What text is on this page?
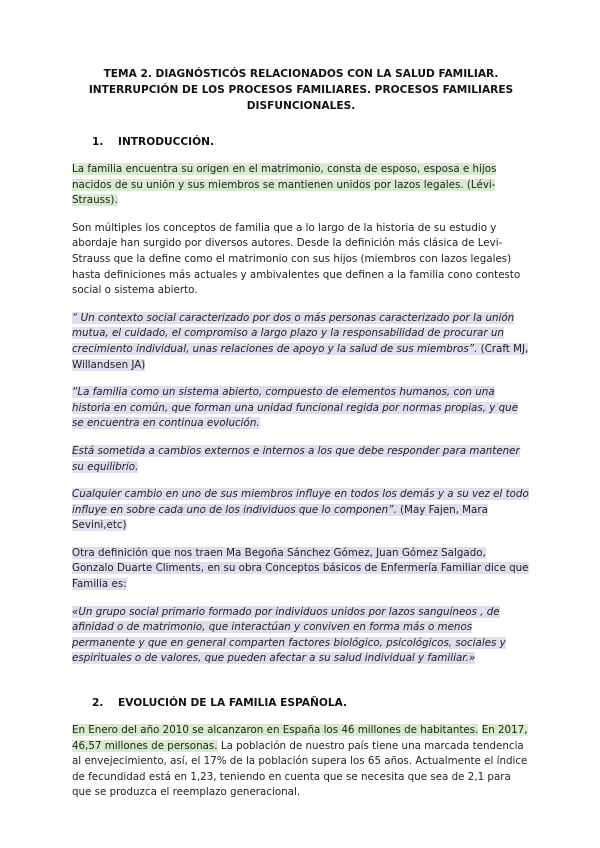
TEMA 2. DIAGNÓSTICÓS RELACIONADOS CON LA SALUD FAMILIAR. INTERRUPCIÓN DE LOS PROCESOS FAMILIARES. PROCESOS FAMILIARES DISFUNCIONALES.
1. INTRODUCCIÓN.

La familia encuentra su origen en el matrimonio, consta de esposo, esposa e hijos nacidos de su unión y sus miembros se mantienen unidos por lazos legales. (Lévi-Strauss).

Son múltiples los conceptos de familia que a lo largo de la historia de su estudio y abordaje han surgido por diversos autores. Desde la definición más clásica de Levi-Strauss que la define como el matrimonio con sus hijos (miembros con lazos legales) hasta definiciones más actuales y ambivalentes que definen a la familia cono contesto social o sistema abierto.

“ Un contexto social caracterizado por dos o más personas caracterizado por la unión mutua, el cuidado, el compromiso a largo plazo y la responsabilidad de procurar un crecimiento individual, unas relaciones de apoyo y la salud de sus miembros”. (Craft MJ, Willandsen JA)

“La familia como un sistema abierto, compuesto de elementos humanos, con una historia en común, que forman una unidad funcional regida por normas propias, y que se encuentra en continua evolución.

Está sometida a cambios externos e internos a los que debe responder para mantener su equilibrio.

Cualquier cambio en uno de sus miembros influye en todos los demás y a su vez el todo influye en sobre cada uno de los individuos que lo componen”. (May Fajen, Mara Sevini,etc)

Otra definición que nos traen Ma Begoña Sánchez Gómez, Juan Gómez Salgado, Gonzalo Duarte Climents, en su obra Conceptos básicos de Enfermería Familiar dice que Familia es:

«Un grupo social primario formado por individuos unidos por lazos sanguíneos , de afinidad o de matrimonio, que interactúan y conviven en forma más o menos permanente y que en general comparten factores biológico, psicológicos, sociales y espirituales o de valores, que pueden afectar a su salud individual y familiar.»

2. EVOLUCIÓN DE LA FAMILIA ESPAÑOLA.

En Enero del año 2010 se alcanzaron en España los 46 millones de habitantes. En 2017, 46,57 millones de personas. La población de nuestro país tiene una marcada tendencia al envejecimiento, así, el 17% de la población supera los 65 años. Actualmente el índice de fecundidad está en 1,23, teniendo en cuenta que se necesita que sea de 2,1 para que se produzca el reemplazo generacional.
